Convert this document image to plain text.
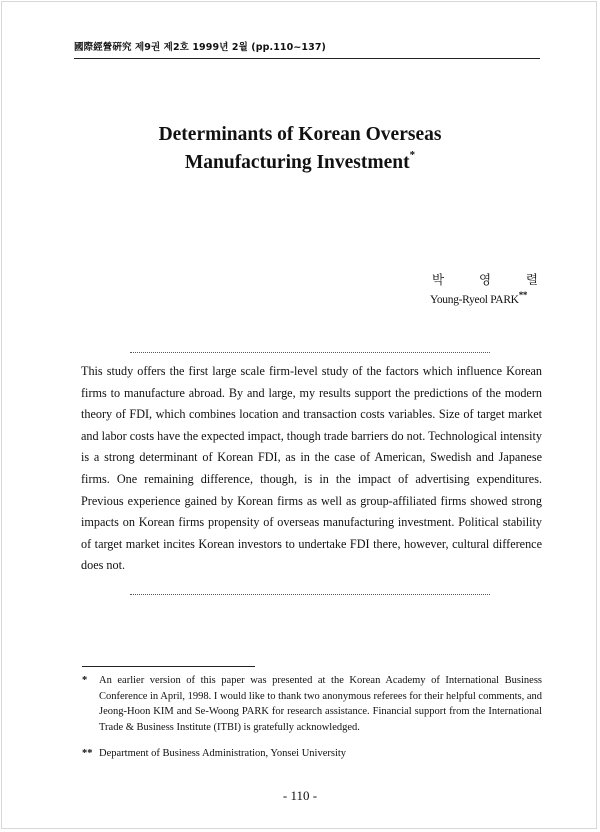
國際經營硏究 제9권 제2호 1999년 2월 (pp.110~137)
Determinants of Korean Overseas
Manufacturing Investment*
박	영	렬
Young-Ryeol PARK**

This study offers the first large scale firm-level study of the factors which influence Korean firms to manufacture abroad. By and large, my results support the predictions of the modern theory of FDI, which combines location and transaction costs variables. Size of target market and labor costs have the expected impact, though trade barriers do not. Technological intensity is a strong determinant of Korean FDI, as in the case of American, Swedish and Japanese firms. One remaining difference, though, is in the impact of advertising expenditures. Previous experience gained by Korean firms as well as group-affiliated firms showed strong impacts on Korean firms propensity of overseas manufacturing investment. Political stability of target market incites Korean investors to undertake FDI there, however, cultural difference does not.

*	An earlier version of this paper was presented at the Korean Academy of International Business Conference in April, 1998. I would like to thank two anonymous referees for their helpful comments, and Jeong-Hoon KIM and Se-Woong PARK for research assistance. Financial support from the International Trade & Business Institute (ITBI) is gratefully acknowledged.
** Department of Business Administration, Yonsei University
- 110 -
